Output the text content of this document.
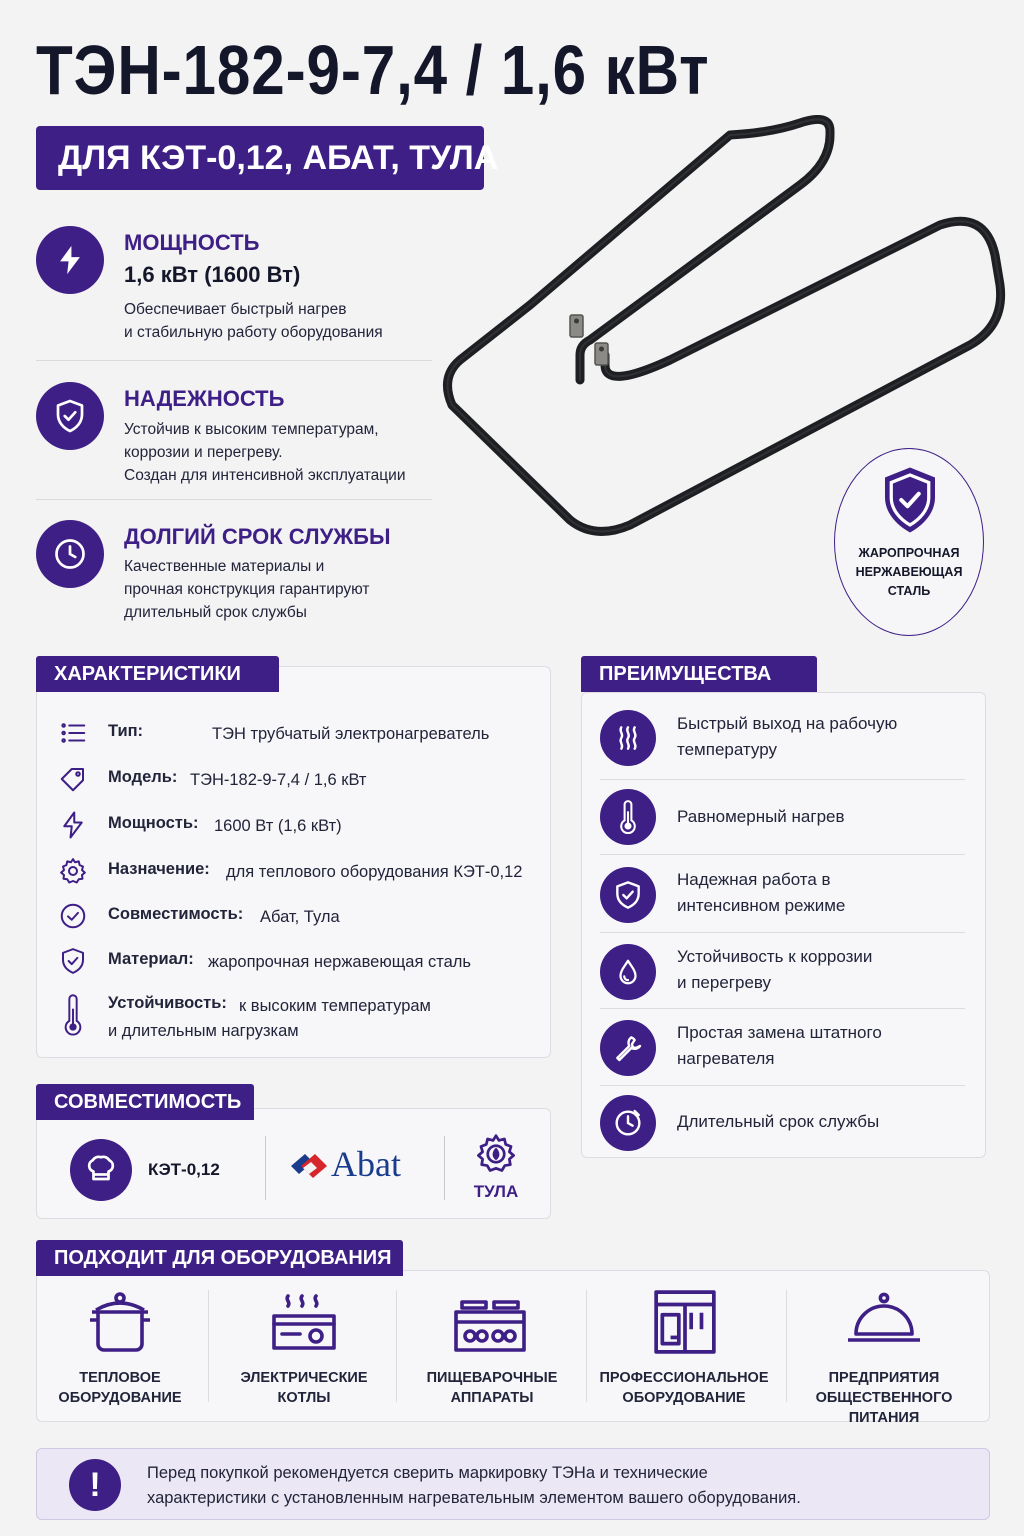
ТЭН-182-9-7,4 / 1,6 кВт
ДЛЯ КЭТ-0,12, АБАТ, ТУЛА
МОЩНОСТЬ
1,6 кВт (1600 Вт)
Обеспечивает быстрый нагрев
и стабильную работу оборудования
НАДЕЖНОСТЬ
Устойчив к высоким температурам,
коррозии и перегреву.
Создан для интенсивной эксплуатации
ДОЛГИЙ СРОК СЛУЖБЫ
Качественные материалы и
прочная конструкция гарантируют
длительный срок службы
ЖАРОПРОЧНАЯ
НЕРЖАВЕЮЩАЯ
СТАЛЬ
ХАРАКТЕРИСТИКИ
Тип:	ТЭН трубчатый электронагреватель
Модель: ТЭН-182-9-7,4 / 1,6 кВт
Мощность: 1600 Вт (1,6 кВт)
Назначение: для теплового оборудования КЭТ-0,12
Совместимость: Абат, Тула
Материал: жаропрочная нержавеющая сталь
Устойчивость: к высоким температурам
и длительным нагрузкам
ПРЕИМУЩЕСТВА
Быстрый выход на рабочую
температуру
Равномерный нагрев
Надежная работа в
интенсивном режиме
Устойчивость к коррозии
и перегреву
Простая замена штатного
нагревателя
Длительный срок службы
СОВМЕСТИМОСТЬ
КЭТ-0,12	Abat
ТУЛА
ПОДХОДИТ ДЛЯ ОБОРУДОВАНИЯ
ТЕПЛОВОЕ
ОБОРУДОВАНИЕ
ЭЛЕКТРИЧЕСКИЕ
КОТЛЫ
ПИЩЕВАРОЧНЫЕ
АППАРАТЫ
ПРОФЕССИОНАЛЬНОЕ
ОБОРУДОВАНИЕ
ПРЕДПРИЯТИЯ
ОБЩЕСТВЕННОГО
ПИТАНИЯ
!	Перед покупкой рекомендуется сверить маркировку ТЭНа и технические
характеристики с установленным нагревательным элементом вашего оборудования.
